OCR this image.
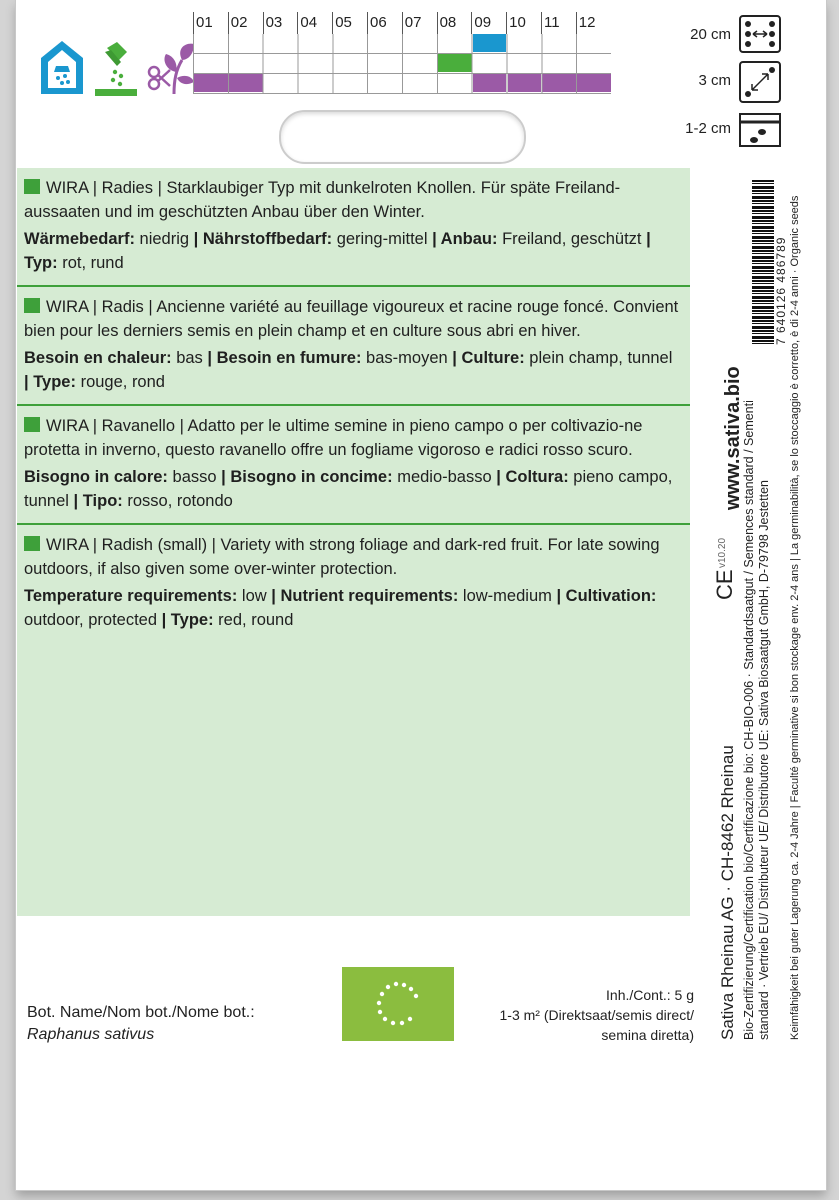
01	02	03	04	05	06	07	08	09	10	11	12
20 cm
3 cm
1-2 cm

WIRA | Radies | Starklaubiger Typ mit dunkelroten Knollen. Für späte Freiland-aussaaten und im geschützten Anbau über den Winter.

Wärmebedarf: niedrig | Nährstoffbedarf: gering-mittel | Anbau: Freiland, geschützt | Typ: rot, rund

WIRA | Radis | Ancienne variété au feuillage vigoureux et racine rouge foncé. Convient bien pour les derniers semis en plein champ et en culture sous abri en hiver.

Besoin en chaleur: bas | Besoin en fumure: bas-moyen | Culture: plein champ, tunnel | Type: rouge, rond

WIRA | Ravanello | Adatto per le ultime semine in pieno campo o per coltivazio-ne protetta in inverno, questo ravanello offre un fogliame vigoroso e radici rosso scuro.

Bisogno in calore: basso | Bisogno in concime: medio-basso | Coltura: pieno campo, tunnel | Tipo: rosso, rotondo

WIRA | Radish (small) | Variety with strong foliage and dark-red fruit. For late sowing outdoors, if also given some over-winter protection.

Temperature requirements: low | Nutrient requirements: low-medium | Cultivation: outdoor, protected | Type: red, round

Bot. Name/Nom bot./Nome bot.:
Raphanus sativus
Inh./Cont.: 5 g
1-3 m² (Direktsaat/semis direct/
semina diretta) Sativa Rheinau AG · CH-8462 Rheinau Bio-Zertifizierung/Certification bio/Certificazione bio: CH-BIO-006 · Standardsaatgut / Semences standard / Sementi standard · Vertrieb EU/ Distributeur UE/ Distributore UE: Sativa Biosaatgut GmbH, D-79798 Jestetten Keimfähigkeit bei guter Lagerung ca. 2-4 Jahre | Faculté germinative si bon stockage env. 2-4 ans | La germinabilità, se lo stoccaggio è corretto, è di 2-4 anni · Organic seeds
www.sativa.bio
v10.20
CE
7 640126 486789
